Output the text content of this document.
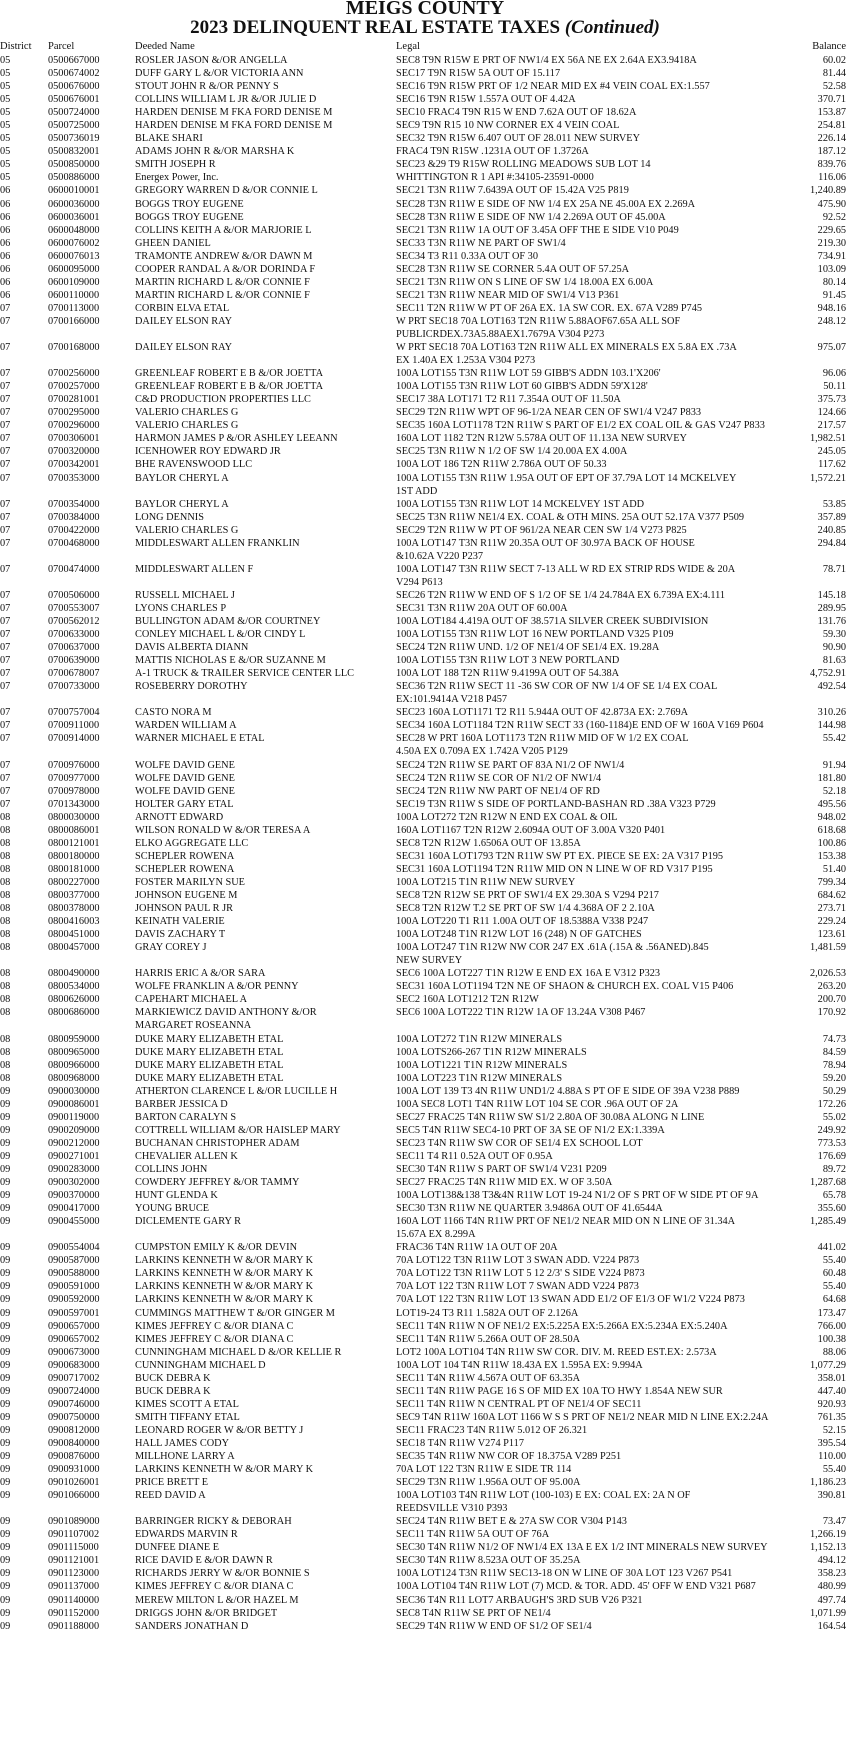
MEIGS COUNTY
2023 DELINQUENT REAL ESTATE TAXES (Continued)
District Parcel	Deeded Name	Legal	Balance
05	0500667000	ROSLER JASON &/OR ANGELLA	SEC8 T9N R15W E PRT OF NW1/4 EX 56A NE EX 2.64A EX3.9418A	60.02
05	0500674002	DUFF GARY L &/OR VICTORIA ANN	SEC17 T9N R15W 5A OUT OF 15.117	81.44
05	0500676000	STOUT JOHN R &/OR PENNY S	SEC16 T9N R15W PRT OF 1/2 NEAR MID EX #4 VEIN COAL EX:1.557	52.58
05	0500676001	COLLINS WILLIAM L JR &/OR JULIE D	SEC16 T9N R15W 1.557A OUT OF 4.42A	370.71
05	0500724000	HARDEN DENISE M FKA FORD DENISE M	SEC10 FRAC4 T9N R15 W END 7.62A OUT OF 18.62A	153.87
05	0500725000	HARDEN DENISE M FKA FORD DENISE M	SEC9 T9N R15 10 NW CORNER EX 4 VEIN COAL	254.81
05	0500736019	BLAKE SHARI	SEC32 T9N R15W 6.407 OUT OF 28.011 NEW SURVEY	226.14
05	0500832001	ADAMS JOHN R &/OR MARSHA K	FRAC4 T9N R15W .1231A OUT OF 1.3726A	187.12
05	0500850000	SMITH JOSEPH R	SEC23 &29 T9 R15W ROLLING MEADOWS SUB LOT 14	839.76
05	0500886000	Energex Power, Inc.	WHITTINGTON R 1 API #:34105-23591-0000	116.06
06	0600010001	GREGORY WARREN D &/OR CONNIE L	SEC21 T3N R11W 7.6439A OUT OF 15.42A V25 P819	1,240.89
06	0600036000	BOGGS TROY EUGENE	SEC28 T3N R11W E SIDE OF NW 1/4 EX 25A NE 45.00A EX 2.269A	475.90
06	0600036001	BOGGS TROY EUGENE	SEC28 T3N R11W E SIDE OF NW 1/4 2.269A OUT OF 45.00A	92.52
06	0600048000	COLLINS KEITH A &/OR MARJORIE L	SEC21 T3N R11W 1A OUT OF 3.45A OFF THE E SIDE V10 P049	229.65
06	0600076002	GHEEN DANIEL	SEC33 T3N R11W NE PART OF SW1/4	219.30
06	0600076013	TRAMONTE ANDREW &/OR DAWN M	SEC34 T3 R11 0.33A OUT OF 30	734.91
06	0600095000	COOPER RANDAL A &/OR DORINDA F	SEC28 T3N R11W SE CORNER 5.4A OUT OF 57.25A	103.09
06	0600109000	MARTIN RICHARD L &/OR CONNIE F	SEC21 T3N R11W ON S LINE OF SW 1/4 18.00A EX 6.00A	80.14
06	0600110000	MARTIN RICHARD L &/OR CONNIE F	SEC21 T3N R11W NEAR MID OF SW1/4 V13 P361	91.45
07	0700113000	CORBIN ELVA ETAL	SEC11 T2N R11W W PT OF 26A EX. 1A SW COR. EX. 67A V289 P745	948.16
07	0700166000	DAILEY ELSON RAY	W PRT SEC18 70A LOT163 T2N R11W 5.88AOF67.65A ALL SOF	248.12
PUBLICRDEX.73A5.88AEX1.7679A V304 P273
07	0700168000	DAILEY ELSON RAY	W PRT SEC18 70A LOT163 T2N R11W ALL EX MINERALS EX 5.8A EX .73A	975.07
EX 1.40A EX 1.253A V304 P273
07	0700256000	GREENLEAF ROBERT E B &/OR JOETTA	100A LOT155 T3N R11W LOT 59 GIBB'S ADDN 103.1'X206'	96.06
07	0700257000	GREENLEAF ROBERT E B &/OR JOETTA	100A LOT155 T3N R11W LOT 60 GIBB'S ADDN 59'X128'	50.11
07	0700281001	C&D PRODUCTION PROPERTIES LLC	SEC17 38A LOT171 T2 R11 7.354A OUT OF 11.50A	375.73
07	0700295000	VALERIO CHARLES G	SEC29 T2N R11W WPT OF 96-1/2A NEAR CEN OF SW1/4 V247 P833	124.66
07	0700296000	VALERIO CHARLES G	SEC35 160A LOT1178 T2N R11W S PART OF E1/2 EX COAL OIL & GAS V247 P833	217.57
07	0700306001	HARMON JAMES P &/OR ASHLEY LEEANN	160A LOT 1182 T2N R12W 5.578A OUT OF 11.13A NEW SURVEY	1,982.51
07	0700320000	ICENHOWER ROY EDWARD JR	SEC25 T3N R11W N 1/2 OF SW 1/4 20.00A EX 4.00A	245.05
07	0700342001	BHE RAVENSWOOD LLC	100A LOT 186 T2N R11W 2.786A OUT OF 50.33	117.62
07	0700353000	BAYLOR CHERYL A	100A LOT155 T3N R11W 1.95A OUT OF EPT OF 37.79A LOT 14 MCKELVEY	1,572.21
1ST ADD
07	0700354000	BAYLOR CHERYL A	100A LOT155 T3N R11W LOT 14 MCKELVEY 1ST ADD	53.85
07	0700384000	LONG DENNIS	SEC25 T3N R11W NE1/4 EX. COAL & OTH MINS. 25A OUT 52.17A V377 P509	357.89
07	0700422000	VALERIO CHARLES G	SEC29 T2N R11W W PT OF 961/2A NEAR CEN SW 1/4 V273 P825	240.85
07	0700468000	MIDDLESWART ALLEN FRANKLIN	100A LOT147 T3N R11W 20.35A OUT OF 30.97A BACK OF HOUSE	294.84
&10.62A V220 P237
07	0700474000	MIDDLESWART ALLEN F	100A LOT147 T3N R11W SECT 7-13 ALL W RD EX STRIP RDS WIDE & 20A	78.71
V294 P613
07	0700506000	RUSSELL MICHAEL J	SEC26 T2N R11W W END OF S 1/2 OF SE 1/4 24.784A EX 6.739A EX:4.111	145.18
07	0700553007	LYONS CHARLES P	SEC31 T3N R11W 20A OUT OF 60.00A	289.95
07	0700562012	BULLINGTON ADAM &/OR COURTNEY	100A LOT184 4.419A OUT OF 38.571A SILVER CREEK SUBDIVISION	131.76
07	0700633000	CONLEY MICHAEL L &/OR CINDY L	100A LOT155 T3N R11W LOT 16 NEW PORTLAND V325 P109	59.30
07	0700637000	DAVIS ALBERTA DIANN	SEC24 T2N R11W UND. 1/2 OF NE1/4 OF SE1/4 EX. 19.28A	90.90
07	0700639000	MATTIS NICHOLAS E &/OR SUZANNE M	100A LOT155 T3N R11W LOT 3 NEW PORTLAND	81.63
07	0700678007	A-1 TRUCK & TRAILER SERVICE CENTER LLC	100A LOT 188 T2N R11W 9.4199A OUT OF 54.38A	4,752.91
07	0700733000	ROSEBERRY DOROTHY	SEC36 T2N R11W SECT 11 -36 SW COR OF NW 1/4 OF SE 1/4 EX COAL	492.54
EX:101.9414A V218 P457
07	0700757004	CASTO NORA M	SEC23 160A LOT1171 T2 R11 5.944A OUT OF 42.873A EX: 2.769A	310.26
07	0700911000	WARDEN WILLIAM A	SEC34 160A LOT1184 T2N R11W SECT 33 (160-1184)E END OF W 160A V169 P604	144.98
07	0700914000	WARNER MICHAEL E ETAL	SEC28 W PRT 160A LOT1173 T2N R11W MID OF W 1/2 EX COAL	55.42
4.50A EX 0.709A EX 1.742A V205 P129
07	0700976000	WOLFE DAVID GENE	SEC24 T2N R11W SE PART OF 83A N1/2 OF NW1/4	91.94
07	0700977000	WOLFE DAVID GENE	SEC24 T2N R11W SE COR OF N1/2 OF NW1/4	181.80
07	0700978000	WOLFE DAVID GENE	SEC24 T2N R11W NW PART OF NE1/4 OF RD	52.18
07	0701343000	HOLTER GARY ETAL	SEC19 T3N R11W S SIDE OF PORTLAND-BASHAN RD .38A V323 P729	495.56
08	0800030000	ARNOTT EDWARD	100A LOT272 T2N R12W N END EX COAL & OIL	948.02
08	0800086001	WILSON RONALD W &/OR TERESA A	160A LOT1167 T2N R12W 2.6094A OUT OF 3.00A V320 P401	618.68
08	0800121001	ELKO AGGREGATE LLC	SEC8 T2N R12W 1.6506A OUT OF 13.85A	100.86
08	0800180000	SCHEPLER ROWENA	SEC31 160A LOT1793 T2N R11W SW PT EX. PIECE SE EX: 2A V317 P195	153.38
08	0800181000	SCHEPLER ROWENA	SEC31 160A LOT1194 T2N R11W MID ON N LINE W OF RD V317 P195	51.40
08	0800227000	FOSTER MARILYN SUE	100A LOT215 T1N R11W NEW SURVEY	799.34
08	0800377000	JOHNSON EUGENE M	SEC8 T2N R12W SE PRT OF SW1/4 EX 29.30A S V294 P217	684.62
08	0800378000	JOHNSON PAUL R JR	SEC8 T2N R12W T.2 SE PRT OF SW 1/4 4.368A OF 2 2.10A	273.71
08	0800416003	KEINATH VALERIE	100A LOT220 T1 R11 1.00A OUT OF 18.5388A V338 P247	229.24
08	0800451000	DAVIS ZACHARY T	100A LOT248 T1N R12W LOT 16 (248) N OF GATCHES	123.61
08	0800457000	GRAY COREY J	100A LOT247 T1N R12W NW COR 247 EX .61A (.15A & .56ANED).845	1,481.59
NEW SURVEY
08	0800490000	HARRIS ERIC A &/OR SARA	SEC6 100A LOT227 T1N R12W E END EX 16A E V312 P323	2,026.53
08	0800534000	WOLFE FRANKLIN A &/OR PENNY	SEC31 160A LOT1194 T2N NE OF SHAON & CHURCH EX. COAL V15 P406	263.20
08	0800626000	CAPEHART MICHAEL A	SEC2 160A LOT1212 T2N R12W	200.70
08	0800686000	MARKIEWICZ DAVID ANTHONY &/OR	SEC6 100A LOT222 T1N R12W 1A OF 13.24A V308 P467	170.92
MARGARET ROSEANNA
08	0800959000	DUKE MARY ELIZABETH ETAL	100A LOT272 T1N R12W MINERALS	74.73
08	0800965000	DUKE MARY ELIZABETH ETAL	100A LOTS266-267 T1N R12W MINERALS	84.59
08	0800966000	DUKE MARY ELIZABETH ETAL	100A LOT1221 T1N R12W MINERALS	78.94
08	0800968000	DUKE MARY ELIZABETH ETAL	100A LOT223 T1N R12W MINERALS	59.20
09	0900030000	ATHERTON CLARENCE L &/OR LUCILLE H	100A LOT 139 T3 4N R11W UND1/2 4.88A S PT OF E SIDE OF 39A V238 P889	50.29
09	0900086001	BARBER JESSICA D	100A SEC8 LOT1 T4N R11W LOT 104 SE COR .96A OUT OF 2A	172.26
09	0900119000	BARTON CARALYN S	SEC27 FRAC25 T4N R11W SW S1/2 2.80A OF 30.08A ALONG N LINE	55.02
09	0900209000	COTTRELL WILLIAM &/OR HAISLEP MARY	SEC5 T4N R11W SEC4-10 PRT OF 3A SE OF N1/2 EX:1.339A	249.92
09	0900212000	BUCHANAN CHRISTOPHER ADAM	SEC23 T4N R11W SW COR OF SE1/4 EX SCHOOL LOT	773.53
09	0900271001	CHEVALIER ALLEN K	SEC11 T4 R11 0.52A OUT OF 0.95A	176.69
09	0900283000	COLLINS JOHN	SEC30 T4N R11W S PART OF SW1/4 V231 P209	89.72
09	0900302000	COWDERY JEFFREY &/OR TAMMY	SEC27 FRAC25 T4N R11W MID EX. W OF 3.50A	1,287.68
09	0900370000	HUNT GLENDA K	100A LOT138&138 T3&4N R11W LOT 19-24 N1/2 OF S PRT OF W SIDE PT OF 9A	65.78
09	0900417000	YOUNG BRUCE	SEC30 T3N R11W NE QUARTER 3.9486A OUT OF 41.6544A	355.60
09	0900455000	DICLEMENTE GARY R	160A LOT 1166 T4N R11W PRT OF NE1/2 NEAR MID ON N LINE OF 31.34A	1,285.49
15.67A EX 8.299A
09	0900554004	CUMPSTON EMILY K &/OR DEVIN	FRAC36 T4N R11W 1A OUT OF 20A	441.02
09	0900587000	LARKINS KENNETH W &/OR MARY K	70A LOT122 T3N R11W LOT 3 SWAN ADD. V224 P873	55.40
09	0900588000	LARKINS KENNETH W &/OR MARY K	70A LOT122 T3N R11W LOT 5 12 2/3' S SIDE V224 P873	60.48
09	0900591000	LARKINS KENNETH W &/OR MARY K	70A LOT 122 T3N R11W LOT 7 SWAN ADD V224 P873	55.40
09	0900592000	LARKINS KENNETH W &/OR MARY K	70A LOT 122 T3N R11W LOT 13 SWAN ADD E1/2 OF E1/3 OF W1/2 V224 P873	64.68
09	0900597001	CUMMINGS MATTHEW T &/OR GINGER M	LOT19-24 T3 R11 1.582A OUT OF 2.126A	173.47
09	0900657000	KIMES JEFFREY C &/OR DIANA C	SEC11 T4N R11W N OF NE1/2 EX:5.225A EX:5.266A EX:5.234A EX:5.240A	766.00
09	0900657002	KIMES JEFFREY C &/OR DIANA C	SEC11 T4N R11W 5.266A OUT OF 28.50A	100.38
09	0900673000	CUNNINGHAM MICHAEL D &/OR KELLIE R	LOT2 100A LOT104 T4N R11W SW COR. DIV. M. REED EST.EX: 2.573A	88.06
09	0900683000	CUNNINGHAM MICHAEL D	100A LOT 104 T4N R11W 18.43A EX 1.595A EX: 9.994A	1,077.29
09	0900717002	BUCK DEBRA K	SEC11 T4N R11W 4.567A OUT OF 63.35A	358.01
09	0900724000	BUCK DEBRA K	SEC11 T4N R11W PAGE 16 S OF MID EX 10A TO HWY 1.854A NEW SUR	447.40
09	0900746000	KIMES SCOTT A ETAL	SEC11 T4N R11W N CENTRAL PT OF NE1/4 OF SEC11	920.93
09	0900750000	SMITH TIFFANY ETAL	SEC9 T4N R11W 160A LOT 1166 W S S PRT OF NE1/2 NEAR MID N LINE EX:2.24A	761.35
09	0900812000	LEONARD ROGER W &/OR BETTY J	SEC11 FRAC23 T4N R11W 5.012 OF 26.321	52.15
09	0900840000	HALL JAMES CODY	SEC18 T4N R11W V274 P117	395.54
09	0900876000	MILLHONE LARRY A	SEC35 T4N R11W NW COR OF 18.375A V289 P251	110.00
09	0900931000	LARKINS KENNETH W &/OR MARY K	70A LOT 122 T3N R11W E SIDE TR 114	55.40
09	0901026001	PRICE BRETT E	SEC29 T3N R11W 1.956A OUT OF 95.00A	1,186.23
09	0901066000	REED DAVID A	100A LOT103 T4N R11W LOT (100-103) E EX: COAL EX: 2A N OF	390.81
REEDSVILLE V310 P393
09	0901089000	BARRINGER RICKY & DEBORAH	SEC24 T4N R11W BET E & 27A SW COR V304 P143	73.47
09	0901107002	EDWARDS MARVIN R	SEC11 T4N R11W 5A OUT OF 76A	1,266.19
09	0901115000	DUNFEE DIANE E	SEC30 T4N R11W N1/2 OF NW1/4 EX 13A E EX 1/2 INT MINERALS NEW SURVEY	1,152.13
09	0901121001	RICE DAVID E &/OR DAWN R	SEC30 T4N R11W 8.523A OUT OF 35.25A	494.12
09	0901123000	RICHARDS JERRY W &/OR BONNIE S	100A LOT124 T3N R11W SEC13-18 ON W LINE OF 30A LOT 123 V267 P541	358.23
09	0901137000	KIMES JEFFREY C &/OR DIANA C	100A LOT104 T4N R11W LOT (7) MCD. & TOR. ADD. 45' OFF W END V321 P687	480.99
09	0901140000	MEREW MILTON L &/OR HAZEL M	SEC36 T4N R11 LOT7 ARBAUGH'S 3RD SUB V26 P321	497.74
09	0901152000	DRIGGS JOHN &/OR BRIDGET	SEC8 T4N R11W SE PRT OF NE1/4	1,071.99
09	0901188000	SANDERS JONATHAN D	SEC29 T4N R11W W END OF S1/2 OF SE1/4	164.54
